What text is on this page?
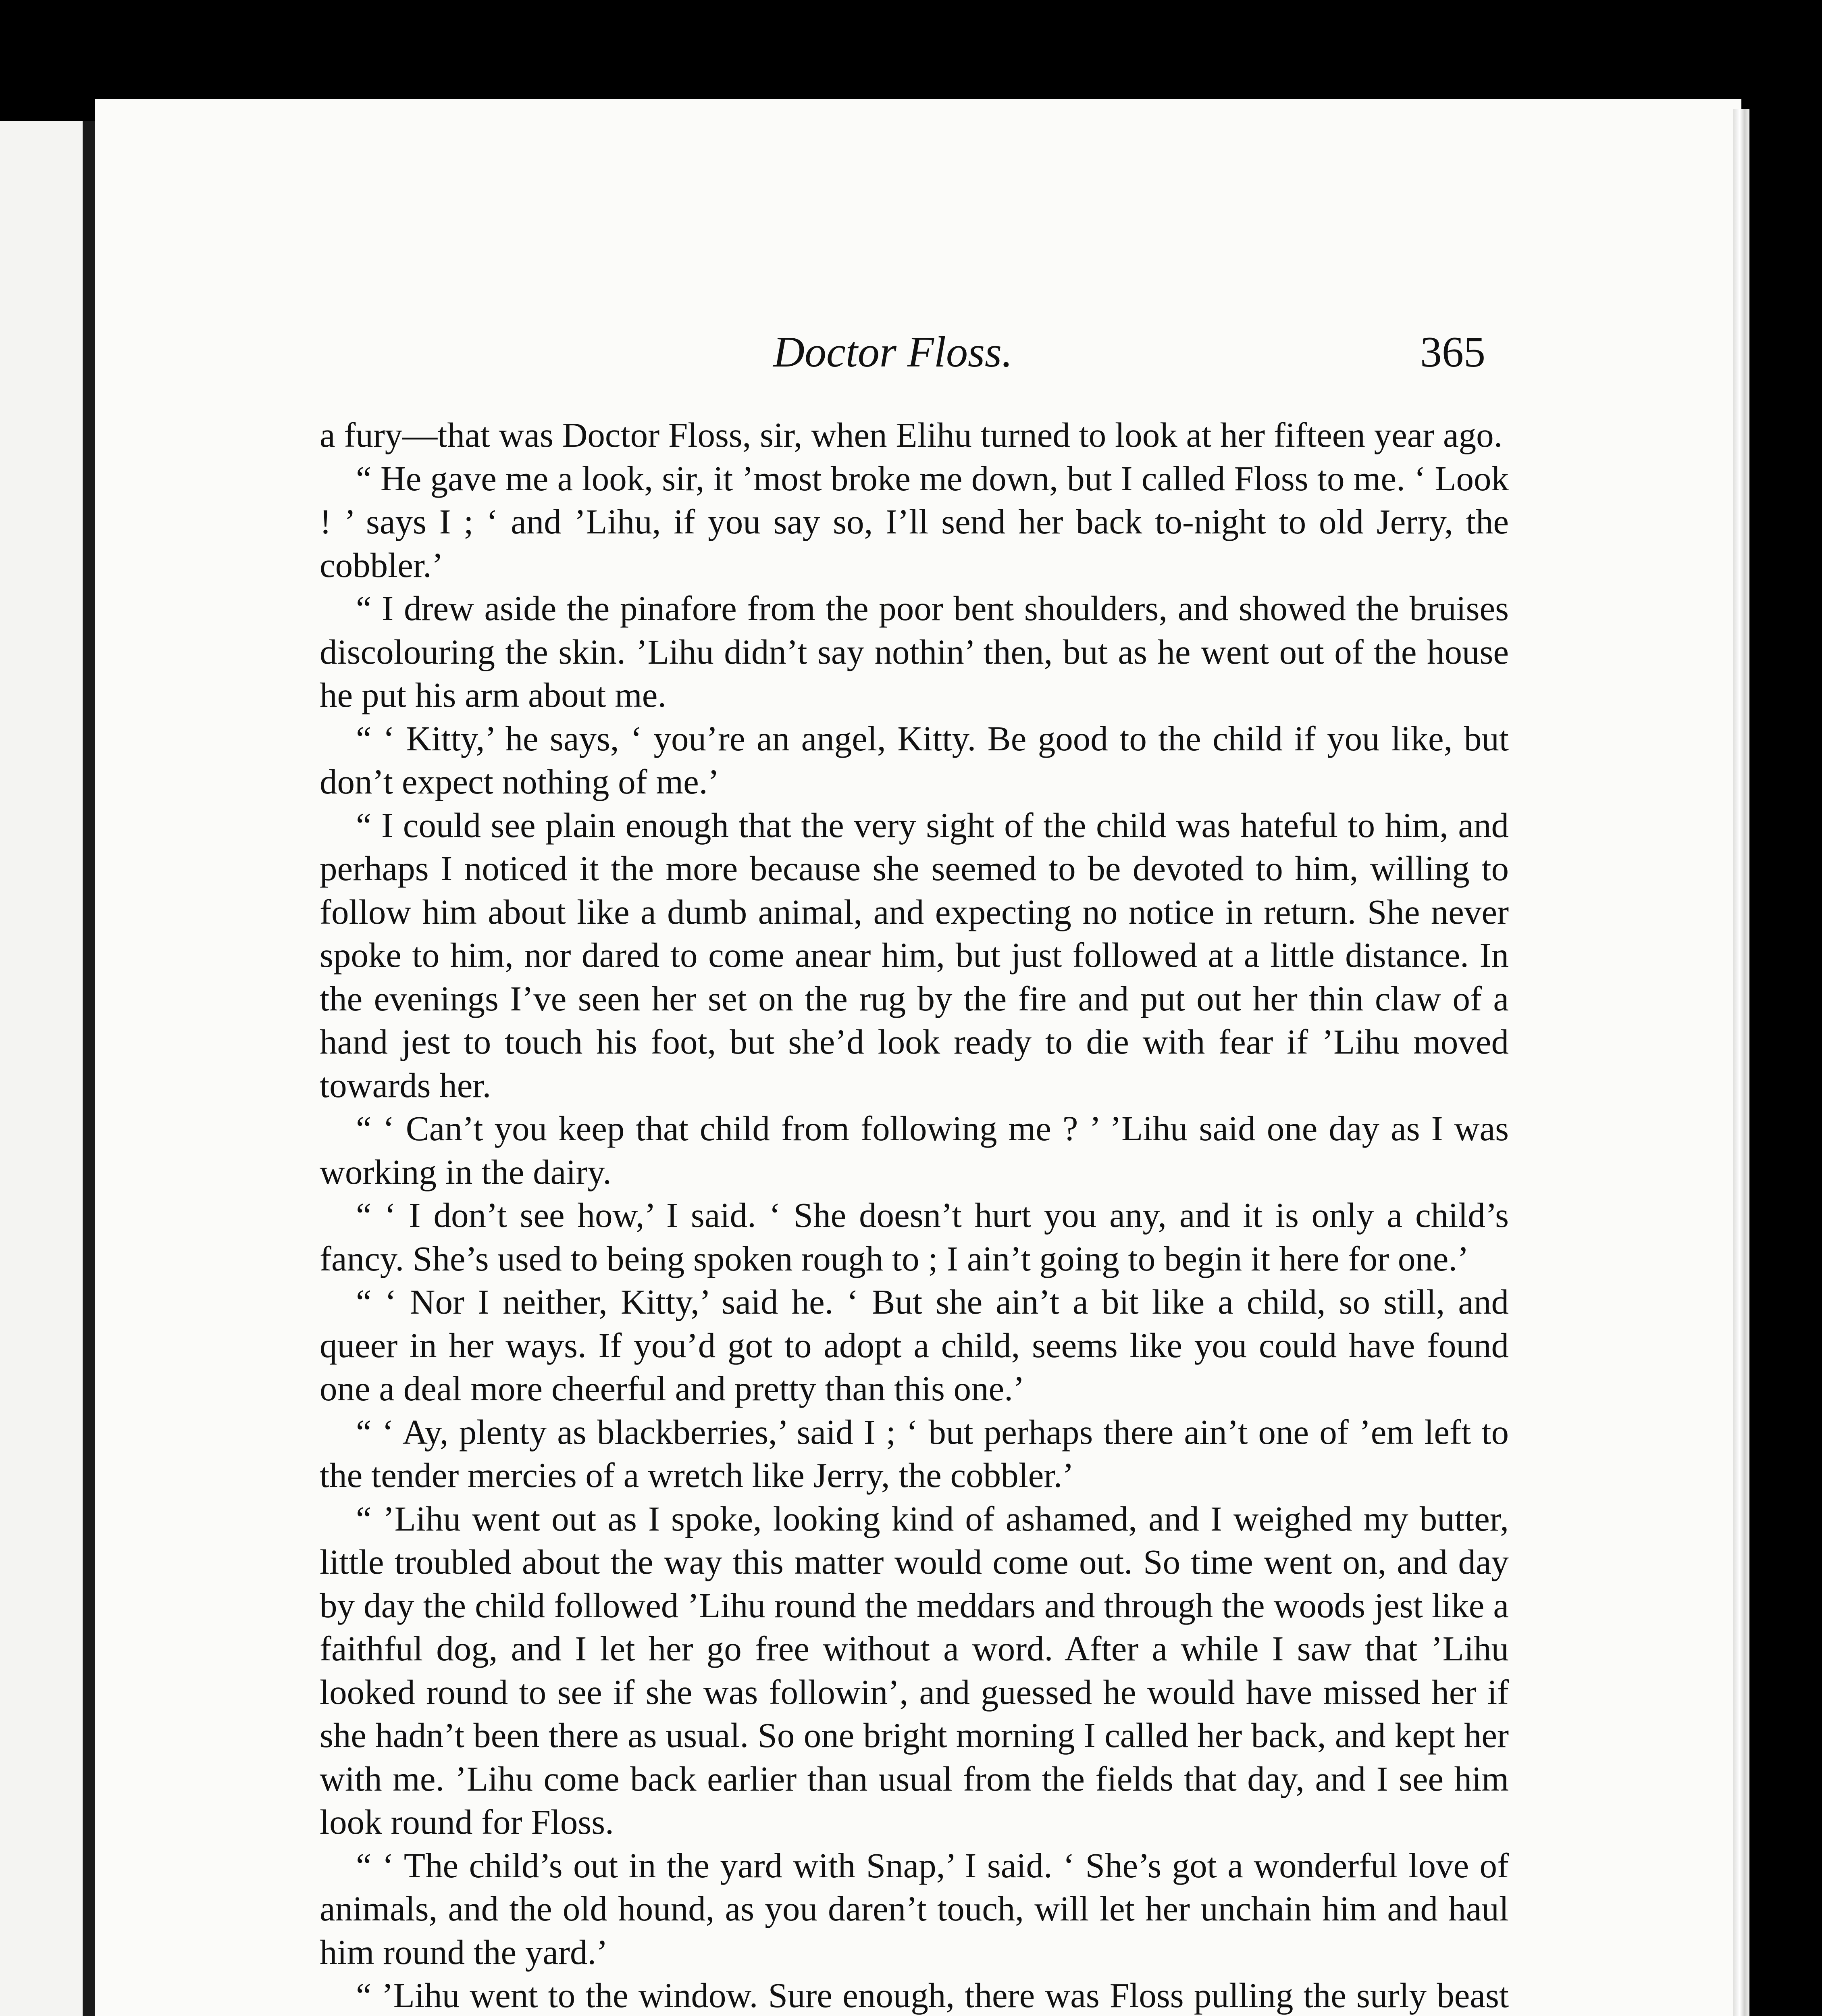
Doctor Floss.	365

a fury—that was Doctor Floss, sir, when Elihu turned to look at her fifteen year ago.

“ He gave me a look, sir, it ’most broke me down, but I called Floss to me. ‘ Look ! ’ says I ; ‘ and ’Lihu, if you say so, I’ll send her back to-night to old Jerry, the cobbler.’

“ I drew aside the pinafore from the poor bent shoulders, and showed the bruises discolouring the skin. ’Lihu didn’t say nothin’ then, but as he went out of the house he put his arm about me.

“ ‘ Kitty,’ he says, ‘ you’re an angel, Kitty. Be good to the child if you like, but don’t expect nothing of me.’

“ I could see plain enough that the very sight of the child was hateful to him, and perhaps I noticed it the more because she seemed to be devoted to him, willing to follow him about like a dumb animal, and expecting no notice in return. She never spoke to him, nor dared to come anear him, but just followed at a little distance. In the evenings I’ve seen her set on the rug by the fire and put out her thin claw of a hand jest to touch his foot, but she’d look ready to die with fear if ’Lihu moved towards her.

“ ‘ Can’t you keep that child from following me ? ’ ’Lihu said one day as I was working in the dairy.

“ ‘ I don’t see how,’ I said. ‘ She doesn’t hurt you any, and it is only a child’s fancy. She’s used to being spoken rough to ; I ain’t going to begin it here for one.’

“ ‘ Nor I neither, Kitty,’ said he. ‘ But she ain’t a bit like a child, so still, and queer in her ways. If you’d got to adopt a child, seems like you could have found one a deal more cheerful and pretty than this one.’

“ ‘ Ay, plenty as blackberries,’ said I ; ‘ but perhaps there ain’t one of ’em left to the tender mercies of a wretch like Jerry, the cobbler.’

“ ’Lihu went out as I spoke, looking kind of ashamed, and I weighed my butter, little troubled about the way this matter would come out. So time went on, and day by day the child followed ’Lihu round the meddars and through the woods jest like a faithful dog, and I let her go free without a word. After a while I saw that ’Lihu looked round to see if she was followin’, and guessed he would have missed her if she hadn’t been there as usual. So one bright morning I called her back, and kept her with me. ’Lihu come back earlier than usual from the fields that day, and I see him look round for Floss.

“ ‘ The child’s out in the yard with Snap,’ I said. ‘ She’s got a wonderful love of animals, and the old hound, as you daren’t touch, will let her unchain him and haul him round the yard.’

“ ’Lihu went to the window. Sure enough, there was Floss pulling the surly beast
